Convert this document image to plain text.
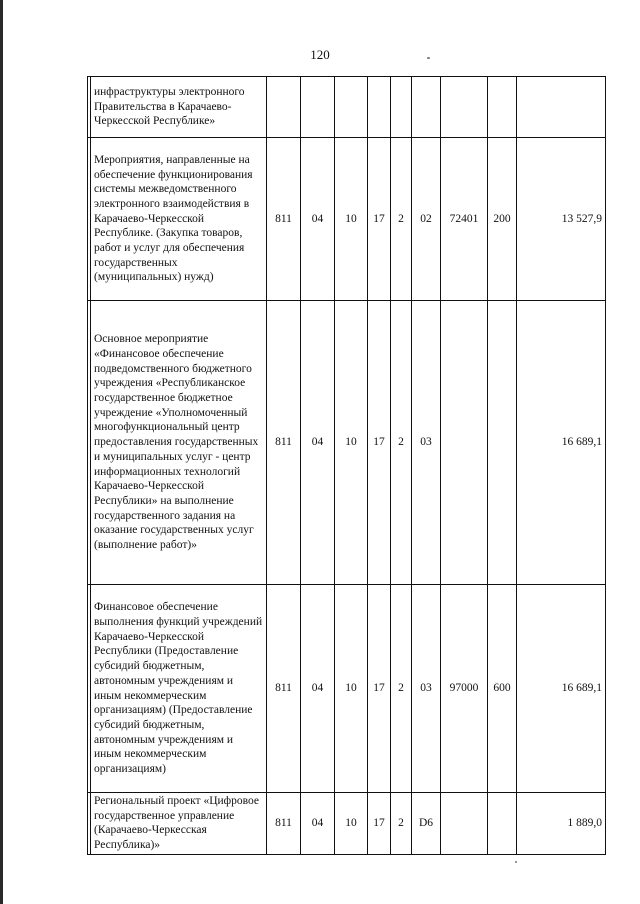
120
	инфраструктуры электронного Правительства в Карачаево-Черкесской Республике»									
	Мероприятия, направленные на обеспечение функционирования системы межведомственного электронного взаимодействия в Карачаево-Черкесской Республике. (Закупка товаров, работ и услуг для обеспечения государственных (муниципальных) нужд)	811	04	10	17	2	02	72401	200	13 527,9
	Основное мероприятие «Финансовое обеспечение подведомственного бюджетного учреждения «Республиканское государственное бюджетное учреждение «Уполномоченный многофункциональный центр предоставления государственных и муниципальных услуг - центр информационных технологий Карачаево-Черкесской Республики» на выполнение государственного задания на оказание государственных услуг (выполнение работ)»	811	04	10	17	2	03			16 689,1
	Финансовое обеспечение выполнения функций учреждений Карачаево-Черкесской Республики (Предоставление субсидий бюджетным, автономным учреждениям и иным некоммерческим организациям) (Предоставление субсидий бюджетным, автономным учреждениям и иным некоммерческим организациям)	811	04	10	17	2	03	97000	600	16 689,1
	Региональный проект «Цифровое государственное управление (Карачаево-Черкесская Республика)»	811	04	10	17	2	D6			1 889,0
